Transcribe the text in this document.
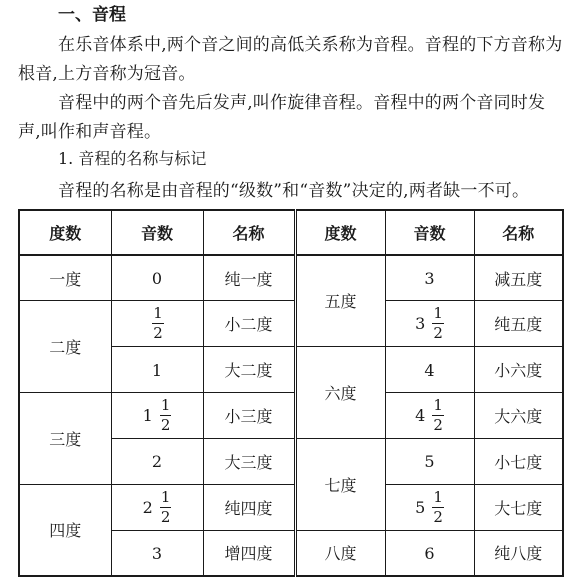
一、音程
在乐音体系中,两个音之间的高低关系称为音程。音程的下方音称为根音,上方音称为冠音。
音程中的两个音先后发声,叫作旋律音程。音程中的两个音同时发声,叫作和声音程。
1. 音程的名称与标记
音程的名称是由音程的“级数”和“音数”决定的,两者缺一不可。
度数	音数	名称	度数	音数	名称
一度	0	纯一度	五度	3	减五度
二度	$\frac{1}{2}$	小二度		$3 \frac{1}{2}$	纯五度
	1	大二度	六度	4	小六度
三度	$1 \frac{1}{2}$	小三度		$4 \frac{1}{2}$	大六度
	2	大三度	七度	5	小七度
四度	$2 \frac{1}{2}$	纯四度		$5 \frac{1}{2}$	大七度
	3	增四度	八度	6	纯八度
